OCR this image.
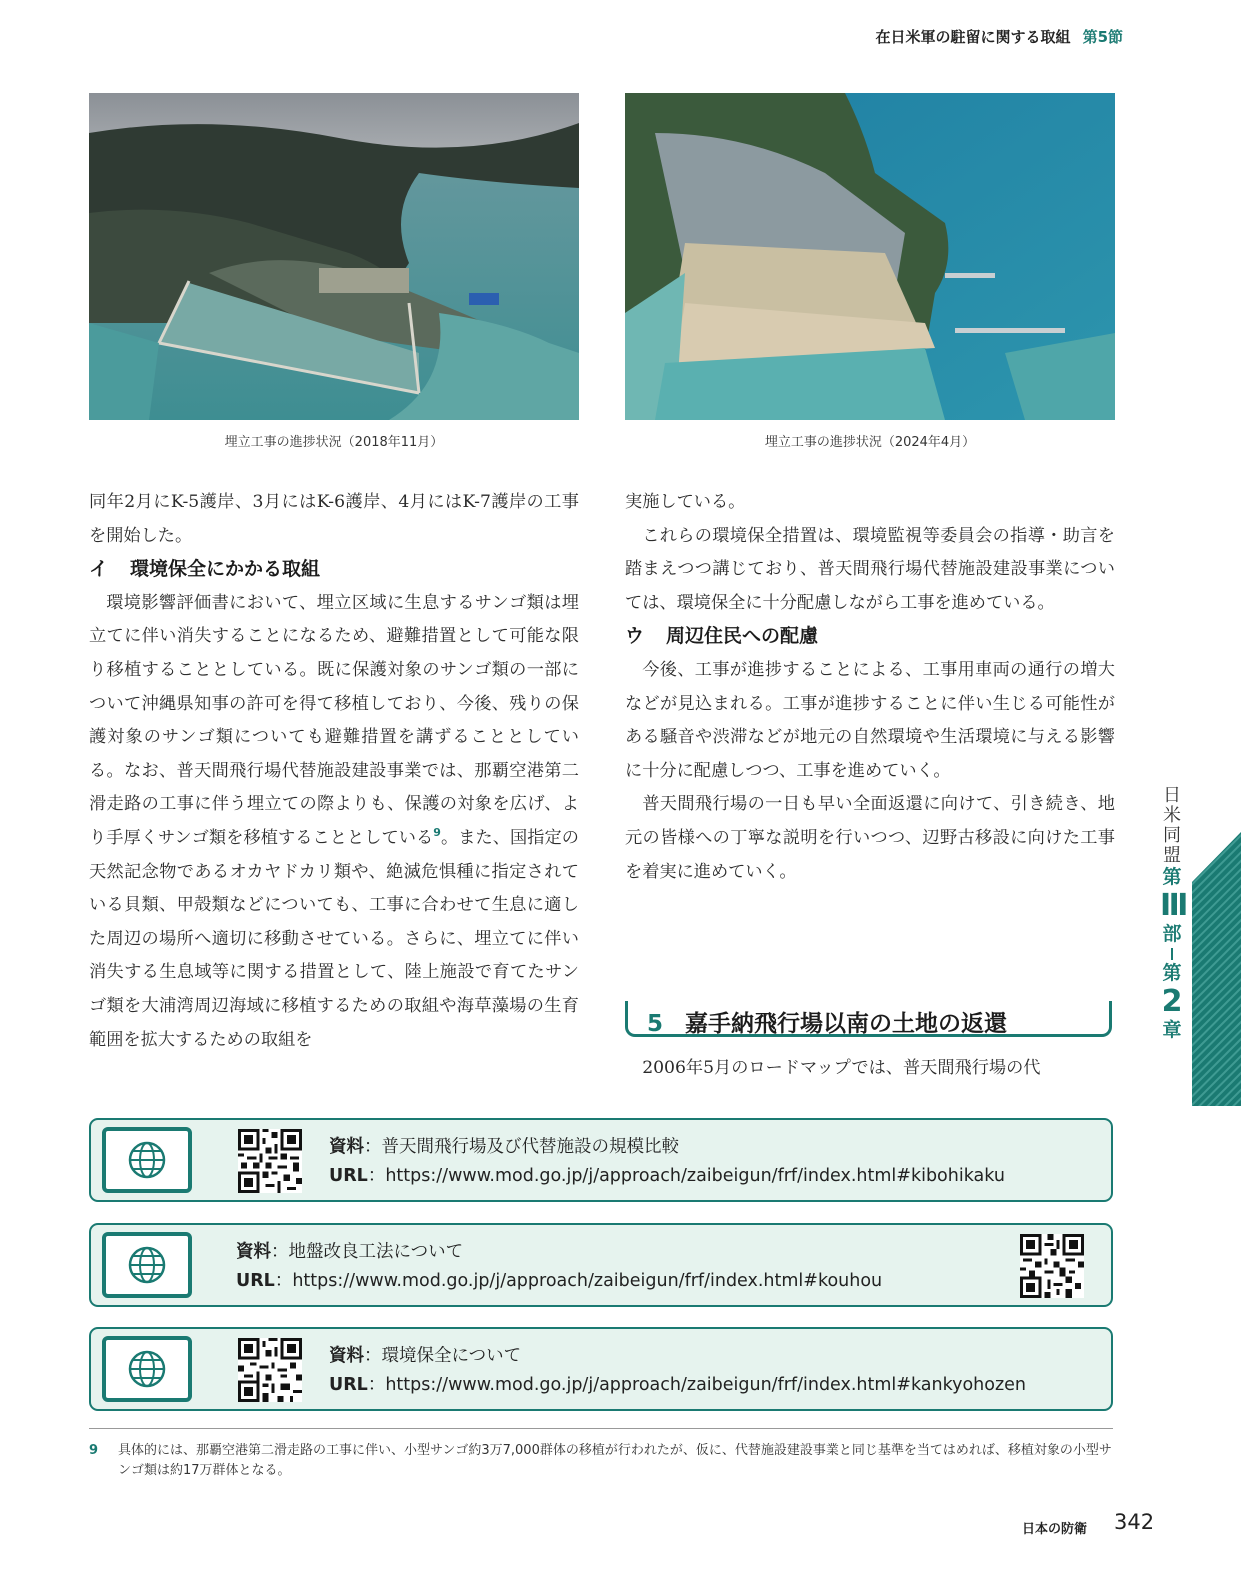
在日米軍の駐留に関する取組 第5節
埋立工事の進捗状況（2018年11月）	埋立工事の進捗状況（2024年4月）

同年2月にK-5護岸、3月にはK-6護岸、4月にはK-7護岸の工事を開始した。

イ 環境保全にかかる取組

環境影響評価書において、埋立区域に生息するサンゴ類は埋立てに伴い消失することになるため、避難措置として可能な限り移植することとしている。既に保護対象のサンゴ類の一部について沖縄県知事の許可を得て移植しており、今後、残りの保護対象のサンゴ類についても避難措置を講ずることとしている。なお、普天間飛行場代替施設建設事業では、那覇空港第二滑走路の工事に伴う埋立ての際よりも、保護の対象を広げ、より手厚くサンゴ類を移植することとしている$^9$。また、国指定の天然記念物であるオカヤドカリ類や、絶滅危惧種に指定されている貝類、甲殻類などについても、工事に合わせて生息に適した周辺の場所へ適切に移動させている。さらに、埋立てに伴い消失する生息域等に関する措置として、陸上施設で育てたサンゴ類を大浦湾周辺海域に移植するための取組や海草藻場の生育範囲を拡大するための取組を

実施している。

これらの環境保全措置は、環境監視等委員会の指導・助言を踏まえつつ講じており、普天間飛行場代替施設建設事業については、環境保全に十分配慮しながら工事を進めている。

ウ 周辺住民への配慮

今後、工事が進捗することによる、工事用車両の通行の増大などが見込まれる。工事が進捗することに伴い生じる可能性がある騒音や渋滞などが地元の自然環境や生活環境に与える影響に十分に配慮しつつ、工事を進めていく。

普天間飛行場の一日も早い全面返還に向けて、引き続き、地元の皆様への丁寧な説明を行いつつ、辺野古移設に向けた工事を着実に進めていく。

5 嘉手納飛行場以南の土地の返還

2006年5月のロードマップでは、普天間飛行場の代

日
米
同
盟
第
Ⅲ
部
第
2
章
資料：普天間飛行場及び代替施設の規模比較
URL：https://www.mod.go.jp/j/approach/zaibeigun/frf/index.html#kibohikaku
資料：地盤改良工法について
URL：https://www.mod.go.jp/j/approach/zaibeigun/frf/index.html#kouhou
資料：環境保全について
URL：https://www.mod.go.jp/j/approach/zaibeigun/frf/index.html#kankyohozen
9 具体的には、那覇空港第二滑走路の工事に伴い、小型サンゴ約3万7,000群体の移植が行われたが、仮に、代替施設建設事業と同じ基準を当てはめれば、移植対象の小型サンゴ類は約17万群体となる。
日本の防衛 342
